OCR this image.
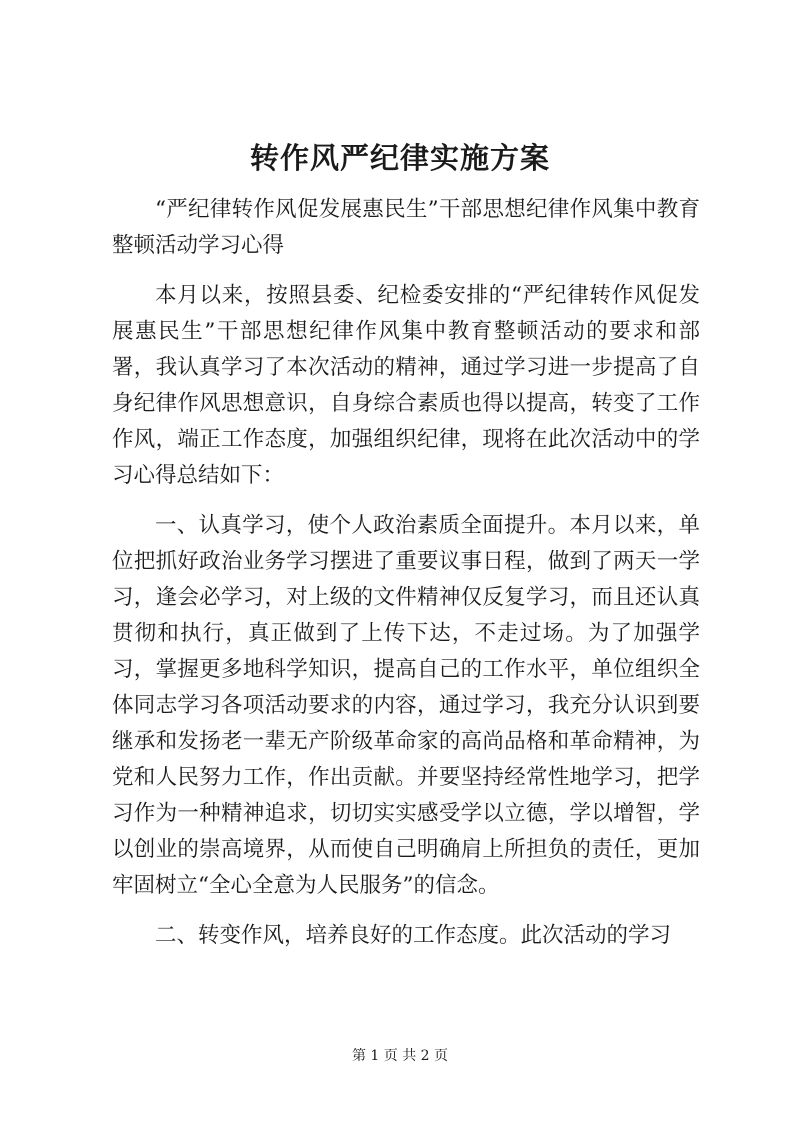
转作风严纪律实施方案

“严纪律转作风促发展惠民生”干部思想纪律作风集中教育整顿活动学习心得

本月以来，按照县委、纪检委安排的“严纪律转作风促发展惠民生”干部思想纪律作风集中教育整顿活动的要求和部署，我认真学习了本次活动的精神，通过学习进一步提高了自身纪律作风思想意识，自身综合素质也得以提高，转变了工作作风，端正工作态度，加强组织纪律，现将在此次活动中的学习心得总结如下：

一、认真学习，使个人政治素质全面提升。本月以来，单位把抓好政治业务学习摆进了重要议事日程，做到了两天一学习，逢会必学习，对上级的文件精神仅反复学习，而且还认真贯彻和执行，真正做到了上传下达，不走过场。为了加强学习，掌握更多地科学知识，提高自己的工作水平，单位组织全体同志学习各项活动要求的内容，通过学习，我充分认识到要继承和发扬老一辈无产阶级革命家的高尚品格和革命精神，为党和人民努力工作，作出贡献。并要坚持经常性地学习，把学习作为一种精神追求，切切实实感受学以立德，学以增智，学以创业的崇高境界，从而使自己明确肩上所担负的责任，更加牢固树立“全心全意为人民服务”的信念。

二、转变作风，培养良好的工作态度。此次活动的学习

第 1 页 共 2 页
